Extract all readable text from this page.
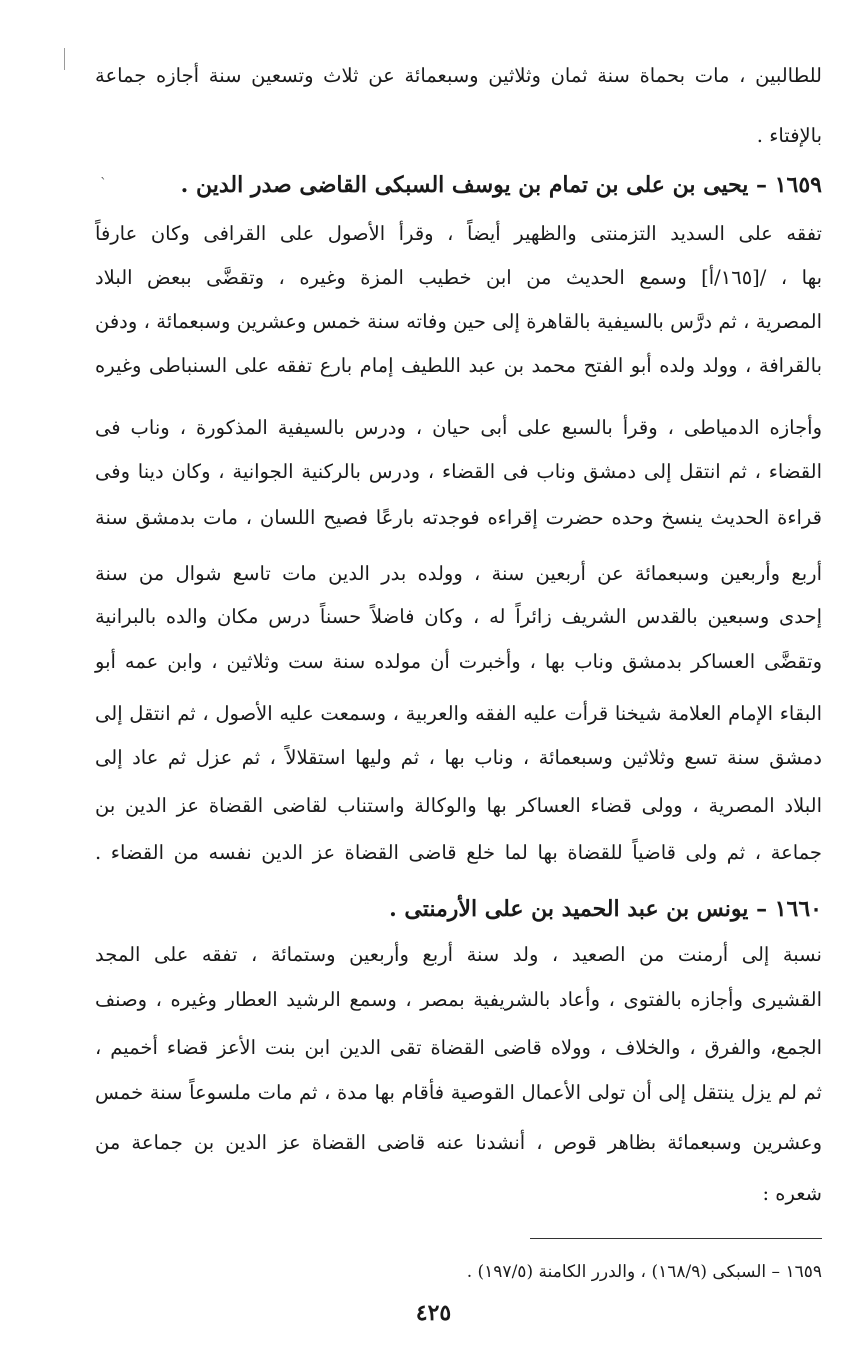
ˋ
للطالبين ، مات بحماة سنة ثمان وثلاثين وسبعمائة عن ثلاث وتسعين سنة أجازه جماعة
بالإفتاء .
١٦٥٩ – يحيى بن على بن تمام بن يوسف السبكى القاضى صدر الدين .
تفقه على السديد التزمنتى والظهير أيضاً ، وقرأ الأصول على القرافى وكان عارفاً
بها ، /[١٦٥/أ] وسمع الحديث من ابن خطيب المزة وغيره ، وتقضَّى ببعض البلاد
المصرية ، ثم درَّس بالسيفية بالقاهرة إلى حين وفاته سنة خمس وعشرين وسبعمائة ، ودفن
بالقرافة ، وولد ولده أبو الفتح محمد بن عبد اللطيف إمام بارع تفقه على السنباطى وغيره
وأجازه الدمياطى ، وقرأ بالسبع على أبى حيان ، ودرس بالسيفية المذكورة ، وناب فى
القضاء ، ثم انتقل إلى دمشق وناب فى القضاء ، ودرس بالركنية الجوانية ، وكان دينا وفى
قراءة الحديث ينسخ وحده حضرت إقراءه فوجدته بارعًا فصيح اللسان ، مات بدمشق سنة
أربع وأربعين وسبعمائة عن أربعين سنة ، وولده بدر الدين مات تاسع شوال من سنة
إحدى وسبعين بالقدس الشريف زائراً له ، وكان فاضلاً حسناً درس مكان والده بالبرانية
وتقضَّى العساكر بدمشق وناب بها ، وأخبرت أن مولده سنة ست وثلاثين ، وابن عمه أبو
البقاء الإمام العلامة شيخنا قرأت عليه الفقه والعربية ، وسمعت عليه الأصول ، ثم انتقل إلى
دمشق سنة تسع وثلاثين وسبعمائة ، وناب بها ، ثم وليها استقلالاً ، ثم عزل ثم عاد إلى
البلاد المصرية ، وولى قضاء العساكر بها والوكالة واستناب لقاضى القضاة عز الدين بن
جماعة ، ثم ولى قاضياً للقضاة بها لما خلع قاضى القضاة عز الدين نفسه من القضاء .
١٦٦٠ – يونس بن عبد الحميد بن على الأرمنتى .
نسبة إلى أرمنت من الصعيد ، ولد سنة أربع وأربعين وستمائة ، تفقه على المجد
القشيرى وأجازه بالفتوى ، وأعاد بالشريفية بمصر ، وسمع الرشيد العطار وغيره ، وصنف
الجمع، والفرق ، والخلاف ، وولاه قاضى القضاة تقى الدين ابن بنت الأعز قضاء أخميم ،
ثم لم يزل ينتقل إلى أن تولى الأعمال القوصية فأقام بها مدة ، ثم مات ملسوعاً سنة خمس
وعشرين وسبعمائة بظاهر قوص ، أنشدنا عنه قاضى القضاة عز الدين بن جماعة من
شعره :
١٦٥٩ – السبكى (١٦٨/٩) ، والدرر الكامنة (١٩٧/٥) .
٤٢٥
